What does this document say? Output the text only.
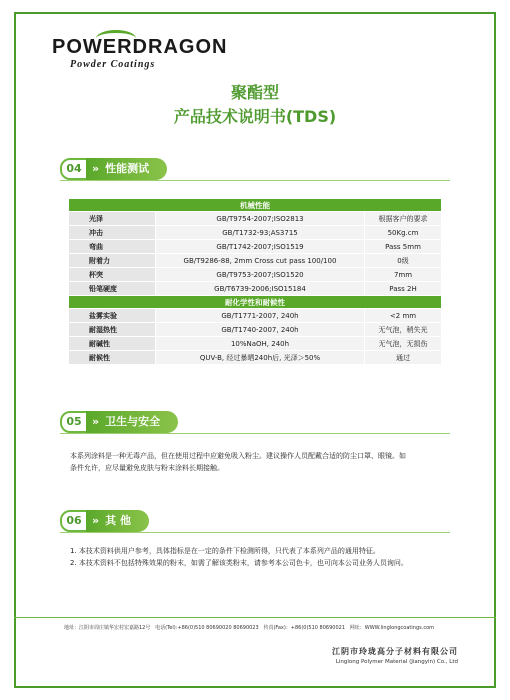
POWERDRAGON
Powder Coatings
聚酯型
产品技术说明书(TDS)
04 » 性能测试
机械性能		
光泽	GB/T9754-2007;ISO2813	根据客户的要求
冲击	GB/T1732-93;AS3715	50Kg.cm
弯曲	GB/T1742-2007;ISO1519	Pass 5mm
附着力	GB/T9286-88, 2mm Cross cut pass 100/100	0级
杯突	GB/T9753-2007;ISO1520	7mm
铅笔硬度	GB/T6739-2006;ISO15184	Pass 2H
耐化学性和耐候性		
盐雾实验	GB/T1771-2007, 240h	<2 mm
耐湿热性	GB/T1740-2007, 240h	无气泡，稍失光
耐碱性	10%NaOH, 240h	无气泡，无损伤
耐候性	QUV-B, 经过暴晒240h后, 光泽＞50%	通过
05 » 卫生与安全
本系列涂料是一种无毒产品，但在使用过程中应避免吸入粉尘。建议操作人员配戴合适的防尘口罩、眼镜。如
条件允许，应尽量避免皮肤与粉末涂料长期接触。
06 » 其 他
1. 本技术资料供用户参考，具体指标是在一定的条件下检测所得，只代表了本系列产品的通用特征。
2. 本技术资料不包括特殊效果的粉末，如需了解该类粉末，请参考本公司色卡，也可向本公司业务人员询问。
地址：江阴市周庄镇华宏村宏嘉路12号 电话(Tel):+86(0)510 80690020 80690023 传真(Fax)：+86(0)510 80690021 网址：WWW.linglongcoatings.com
江阴市玲珑高分子材料有限公司
Linglong Polymer Material (Jiangyin) Co., Ltd
